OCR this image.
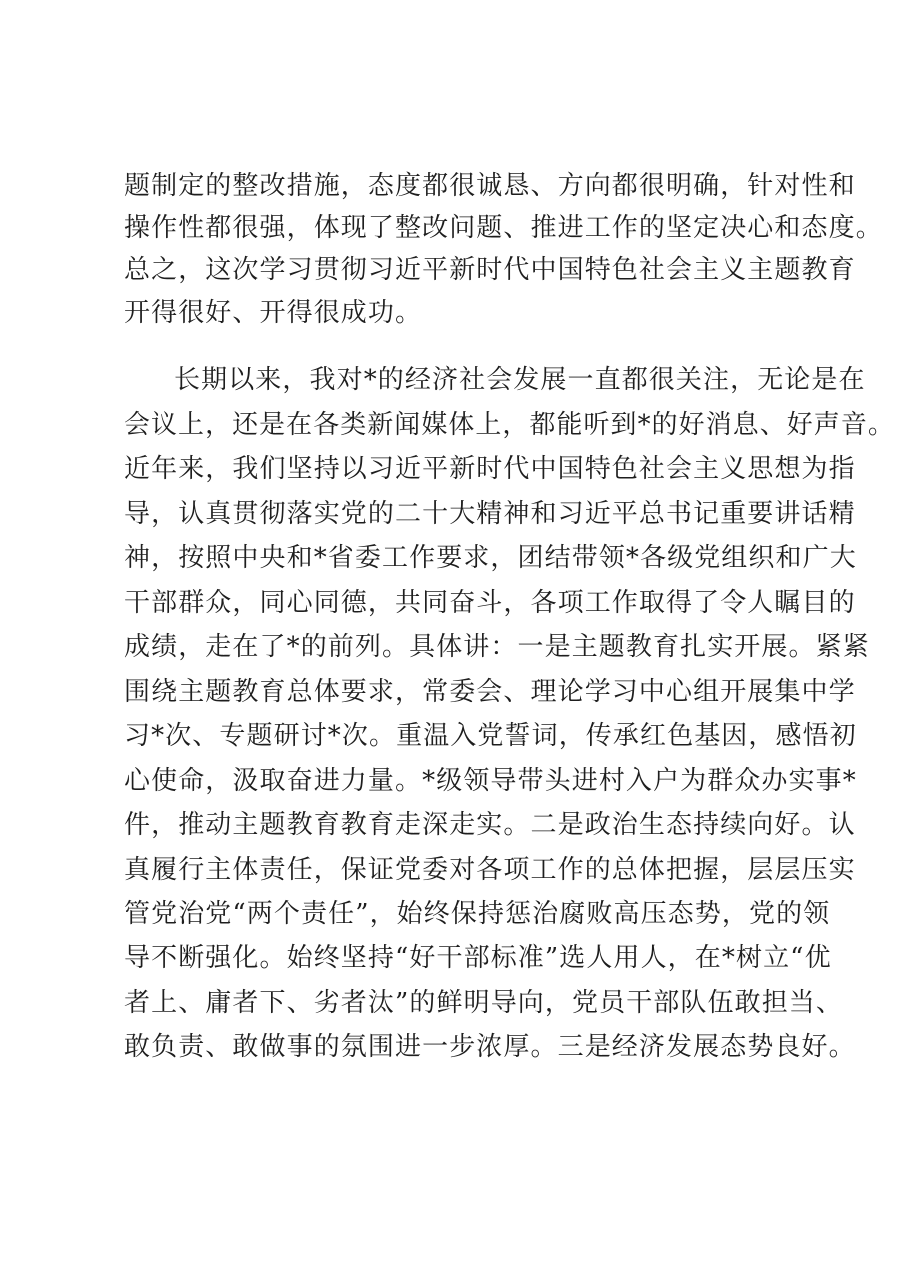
题制定的整改措施，态度都很诚恳、方向都很明确，针对性和
操作性都很强，体现了整改问题、推进工作的坚定决心和态度。
总之，这次学习贯彻习近平新时代中国特色社会主义主题教育
开得很好、开得很成功。
长期以来，我对*的经济社会发展一直都很关注，无论是在
会议上，还是在各类新闻媒体上，都能听到*的好消息、好声音。
近年来，我们坚持以习近平新时代中国特色社会主义思想为指
导，认真贯彻落实党的二十大精神和习近平总书记重要讲话精
神，按照中央和*省委工作要求，团结带领*各级党组织和广大
干部群众，同心同德，共同奋斗，各项工作取得了令人瞩目的
成绩，走在了*的前列。具体讲：一是主题教育扎实开展。紧紧
围绕主题教育总体要求，常委会、理论学习中心组开展集中学
习*次、专题研讨*次。重温入党誓词，传承红色基因，感悟初
心使命，汲取奋进力量。*级领导带头进村入户为群众办实事*
件，推动主题教育教育走深走实。二是政治生态持续向好。认
真履行主体责任，保证党委对各项工作的总体把握，层层压实
管党治党“两个责任”，始终保持惩治腐败高压态势，党的领
导不断强化。始终坚持“好干部标准”选人用人，在*树立“优
者上、庸者下、劣者汰”的鲜明导向，党员干部队伍敢担当、
敢负责、敢做事的氛围进一步浓厚。三是经济发展态势良好。
